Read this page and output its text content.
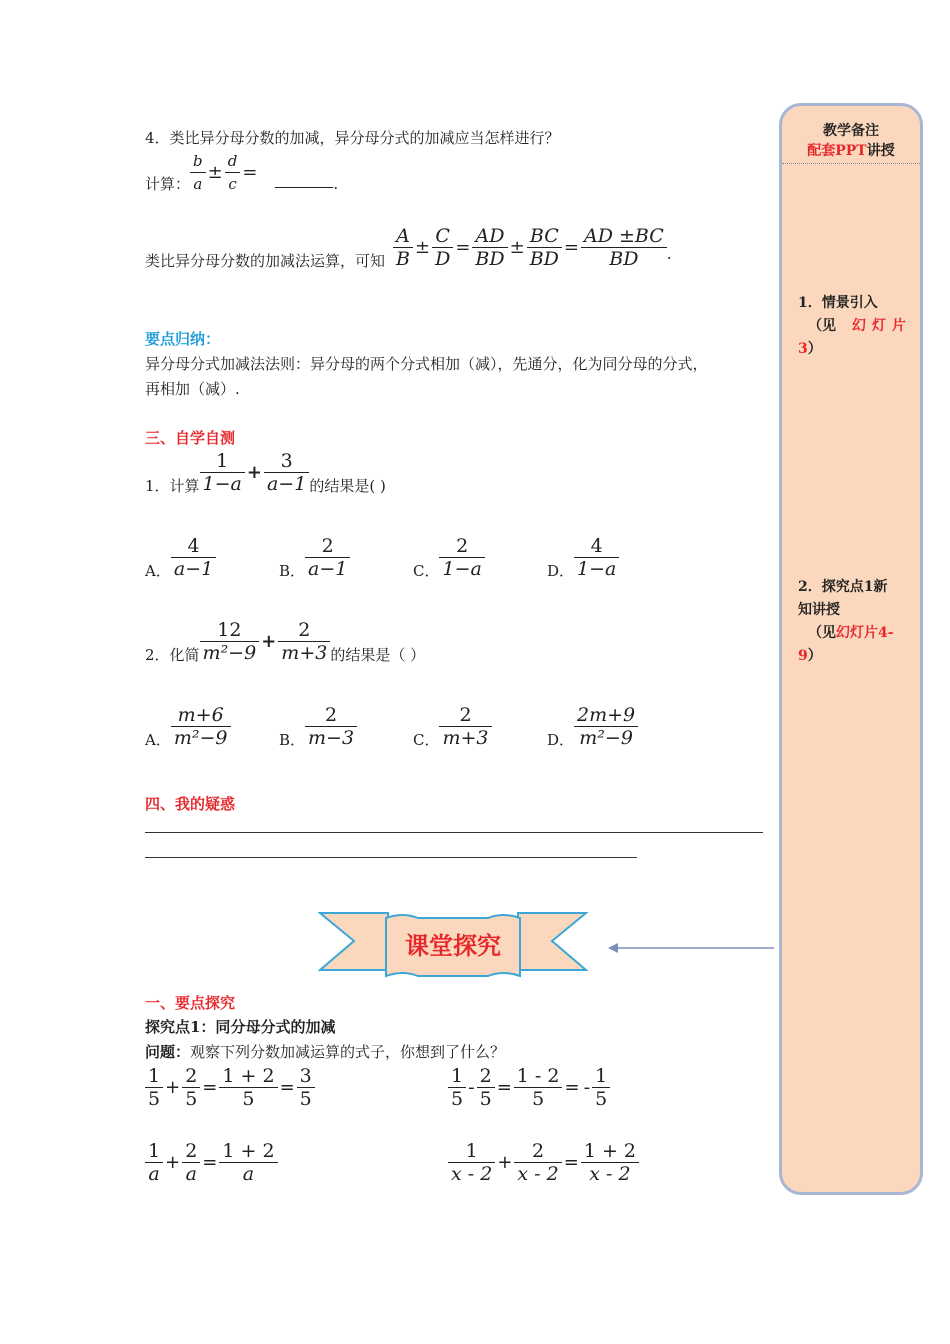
4．类比异分母分数的加减，异分母分式的加减应当怎样进行？
计算： $\frac{b}{a} \pm \frac{d}{c}$ =
.
类比异分母分数的加减法运算，可知 $\frac{A}{B} \pm \frac{C}{D} = \frac{AD}{BD} \pm \frac{BC}{BD} = \frac{AD \pm BC}{BD}$ .
要点归纳：
异分母分式加减法法则：异分母的两个分式相加（减），先通分，化为同分母的分式，
再相加（减）.
三、自学自测
1．计算 $\frac{1}{1-a} + \frac{3}{a-1}$ 的结果是( )
A． $\frac{4}{a-1}$	B． $\frac{2}{a-1}$	C． $\frac{2}{1-a}$	D． $\frac{4}{1-a}$
2．化简 $\frac{12}{\text{m²−9}} + \frac{2}{m+3}$ 的结果是（ ）
A． $\frac{m+6}{\text{m²−9}}$	B． $\frac{2}{m-3}$	C． $\frac{2}{m+3}$	D． $\frac{2m+9}{\text{m²−9}}$
四、我的疑惑
课堂探究
一、要点探究
探究点1：同分母分式的加减
问题：观察下列分数加减运算的式子，你想到了什么？
$\frac{1}{5} + \frac{2}{5} = \frac{1 + 2}{5} = \frac{3}{5}$	$\frac{1}{5} - \frac{2}{5} = \frac{1 - 2}{5}$ = - $\frac{1}{5}$
$\frac{1}{a} + \frac{2}{a} = \frac{1 + 2}{a}$	$\frac{1}{x - 2} + \frac{2}{x - 2} = \frac{1 + 2}{x - 2}$
教学备注
配套PPT讲授
1．情景引入
（见 幻灯片
3）
2．探究点1新
知讲授
（见幻灯片4-
9）
